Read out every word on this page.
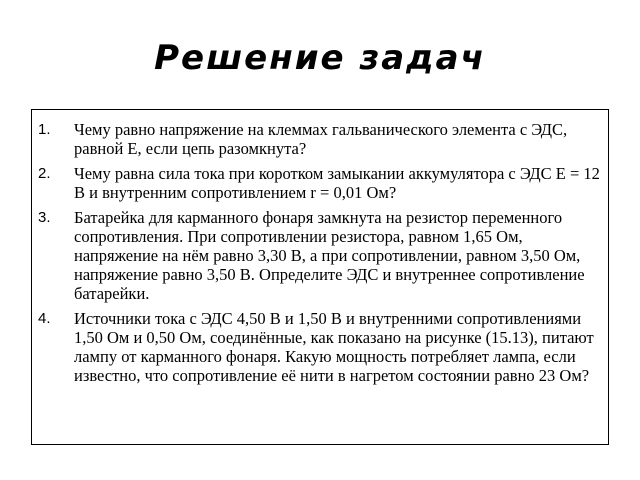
Решение задач
1. Чему равно напряжение на клеммах гальванического элемента с ЭДС, равной Е, если цепь разомкнута?
2. Чему равна сила тока при коротком замыкании аккумулятора с ЭДС Е = 12 В и внутренним сопротивлением r = 0,01 Ом?
3. Батарейка для карманного фонаря замкнута на резистор переменного сопротивления. При сопротивлении резистора, равном 1,65 Ом, напряжение на нём равно 3,30 В, а при сопротивлении, равном 3,50 Ом, напряжение равно 3,50 В. Определите ЭДС и внутреннее сопротивление батарейки.
4. Источники тока с ЭДС 4,50 В и 1,50 В и внутренними сопротивлениями 1,50 Ом и 0,50 Ом, соединённые, как показано на рисунке (15.13), питают лампу от карманного фонаря. Какую мощность потребляет лампа, если известно, что сопротивление её нити в нагретом состоянии равно 23 Ом?
